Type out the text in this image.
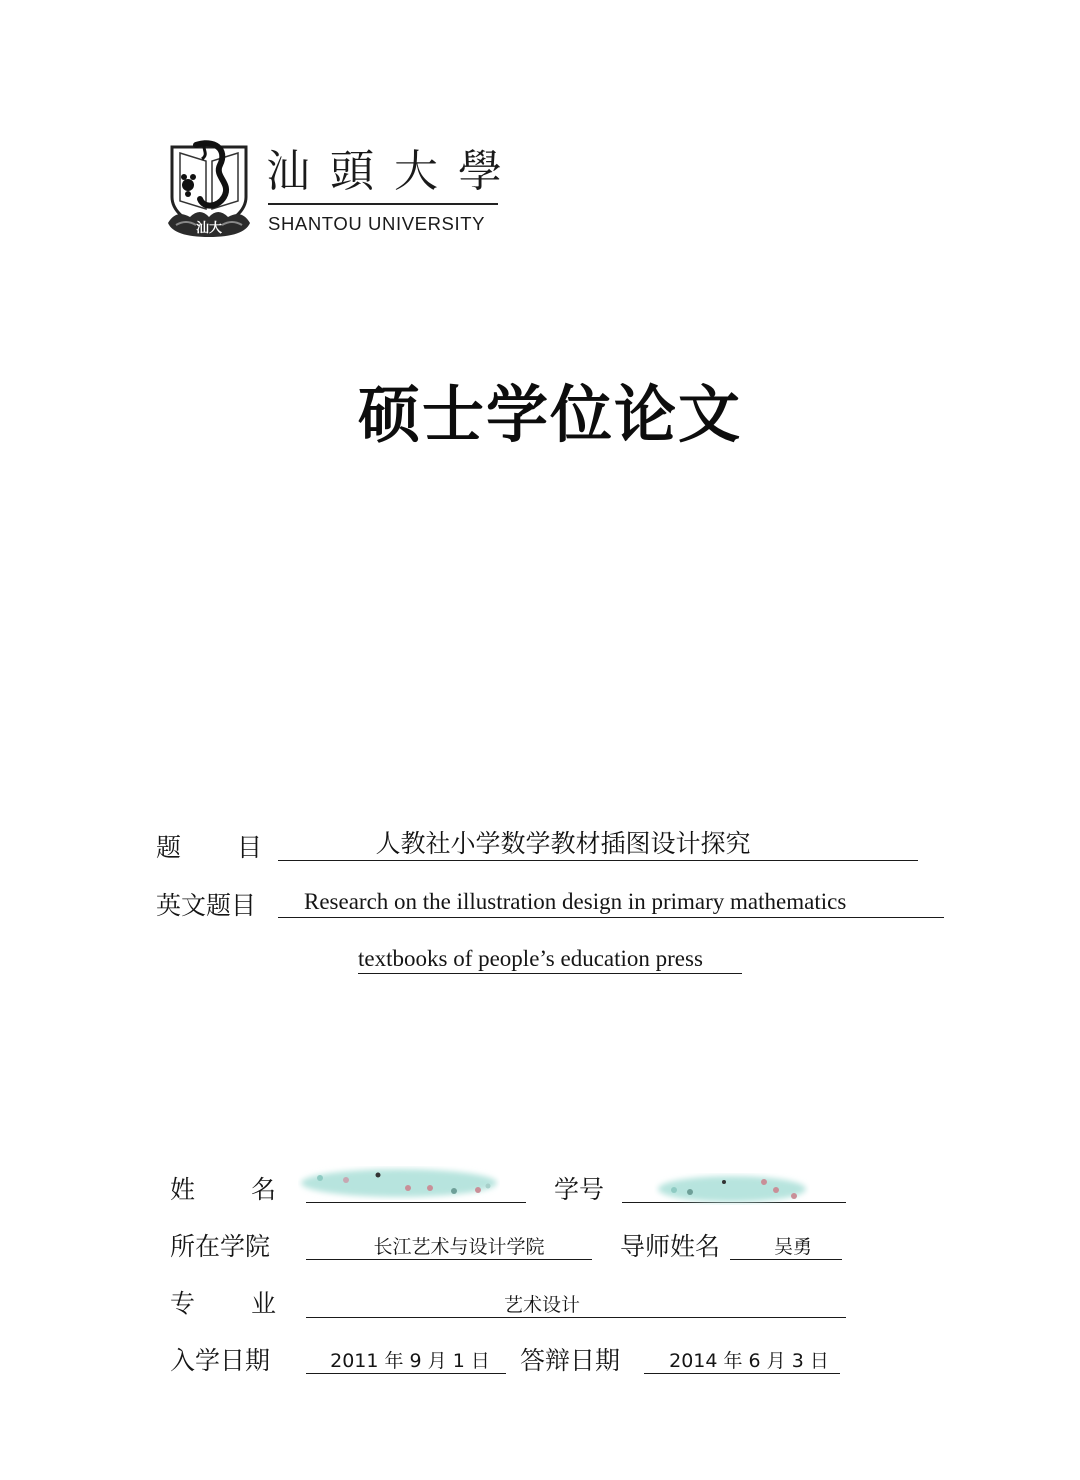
汕大
汕頭大學
SHANTOU UNIVERSITY
硕士学位论文
题 目	人教社小学数学教材插图设计探究
英文题目	Research on the illustration design in primary mathematics
textbooks of people’s education press
姓 名	学号
所在学院	长江艺术与设计学院	导师姓名	吴勇
专 业	艺术设计
入学日期	2011 年 9 月 1 日	答辩日期	2014 年 6 月 3 日
